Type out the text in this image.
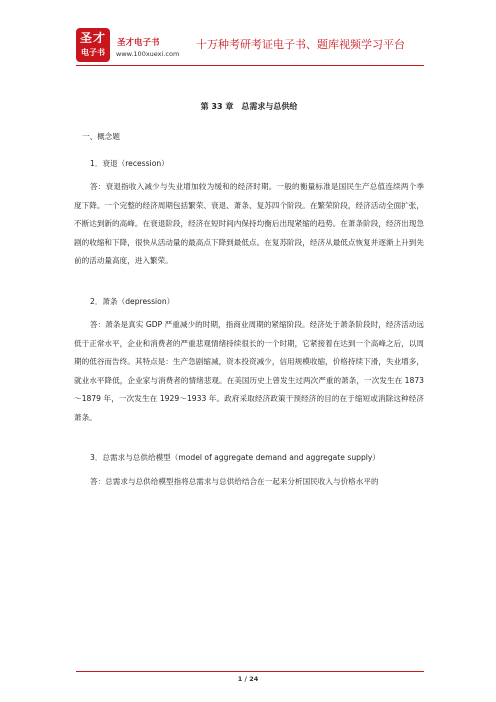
圣才
电子书
圣才电子书
www.100xuexi.com
十万种考研考证电子书、题库视频学习平台
第 33 章　总需求与总供给
一、概念题
1．衰退（recession）

答：衰退指收入减少与失业增加较为缓和的经济时期。一般的衡量标准是国民生产总值连续两个季度下降。一个完整的经济周期包括繁荣、衰退、萧条、复苏四个阶段。在繁荣阶段，经济活动全面扩张，不断达到新的高峰。在衰退阶段，经济在短时间内保持均衡后出现紧缩的趋势。在萧条阶段，经济出现急剧的收缩和下降，很快从活动量的最高点下降到最低点。在复苏阶段，经济从最低点恢复并逐渐上升到先前的活动量高度，进入繁荣。

2．萧条（depression）

答：萧条是真实 GDP 严重减少的时期，指商业周期的紧缩阶段。经济处于萧条阶段时，经济活动远低于正常水平，企业和消费者的严重悲观情绪持续很长的一个时期，它紧接着在达到一个高峰之后，以周期的低谷而告终。其特点是：生产急剧缩减，资本投资减少，信用规模收缩，价格持续下滑，失业增多，就业水平降低，企业家与消费者的情绪悲观。在美国历史上曾发生过两次严重的萧条，一次发生在 1873～1879 年，一次发生在 1929～1933 年。政府采取经济政策干预经济的目的在于缩短或消除这种经济萧条。

3．总需求与总供给模型（model of aggregate demand and aggregate supply）

答：总需求与总供给模型指将总需求与总供给结合在一起来分析国民收入与价格水平的

1 / 24
